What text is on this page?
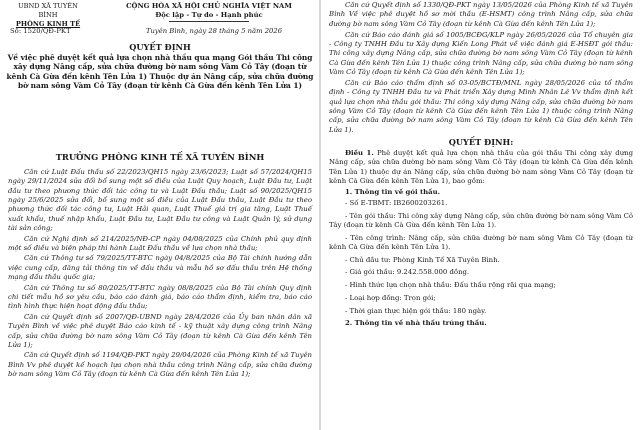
UBND XÃ TUYÊN BÌNH
PHÒNG KINH TẾ
CỘNG HÒA XÃ HỘI CHỦ NGHĨA VIỆT NAM
Độc lập - Tự do - Hạnh phúc
Số: 1520/QĐ-PKT	Tuyên Bình, ngày 28 tháng 5 năm 2026
QUYẾT ĐỊNH
Về việc phê duyệt kết quả lựa chọn nhà thầu qua mạng Gói thầu Thi công xây dựng Nâng cấp, sửa chữa đường bờ nam sông Vàm Cỏ Tây (đoạn từ kênh Cà Gừa đến kênh Tên Lửa 1) Thuộc dự án Nâng cấp, sửa chữa đường bờ nam sông Vàm Cỏ Tây (đoạn từ kênh Cà Gừa đến kênh Tên Lửa 1)
TRƯỞNG PHÒNG KINH TẾ XÃ TUYÊN BÌNH

Căn cứ Luật Đấu thầu số 22/2023/QH15 ngày 23/6/2023; Luật số 57/2024/QH15 ngày 29/11/2024 sửa đổi bổ sung một số điều của Luật Quy hoạch, Luật Đầu tư, Luật đầu tư theo phương thức đối tác công tư và Luật Đấu thầu; Luật số 90/2025/QH15 ngày 25/6/2025 sửa đổi, bổ sung một số điều của Luật Đấu thầu, Luật Đầu tư theo phương thức đối tác công tư, Luật Hải quan, Luật Thuế giá trị gia tăng, Luật Thuế xuất khẩu, thuế nhập khẩu, Luật Đầu tư, Luật Đầu tư công và Luật Quản lý, sử dụng tài sản công;

Căn cứ Nghị định số 214/2025/NĐ-CP ngày 04/08/2025 của Chính phủ quy định một số điều và biện pháp thi hành Luật Đấu thầu về lựa chọn nhà thầu;

Căn cứ Thông tư số 79/2025/TT-BTC ngày 04/8/2025 của Bộ Tài chính hướng dẫn việc cung cấp, đăng tải thông tin về đấu thầu và mẫu hồ sơ đấu thầu trên Hệ thống mạng đấu thầu quốc gia;

Căn cứ Thông tư số 80/2025/TT-BTC ngày 08/8/2025 của Bộ Tài chính Quy định chi tiết mẫu hồ sơ yêu cầu, báo cáo đánh giá, báo cáo thẩm định, kiểm tra, báo cáo tình hình thực hiện hoạt động đấu thầu;

Căn cứ Quyết định số 2007/QĐ-UBND ngày 28/4/2026 của Ủy ban nhân dân xã Tuyên Bình về việc phê duyệt Báo cáo kinh tế - kỹ thuật xây dựng công trình Nâng cấp, sửa chữa đường bờ nam sông Vàm Cỏ Tây (đoạn từ kênh Cà Gừa đến kênh Tên Lửa 1);

Căn cứ Quyết định số 1194/QĐ-PKT ngày 29/04/2026 của Phòng Kinh tế xã Tuyên Bình Vv phê duyệt kế hoạch lựa chọn nhà thầu công trình Nâng cấp, sửa chữa đường bờ nam sông Vàm Cỏ Tây (đoạn từ kênh Cà Gừa đến kênh Tên Lửa 1);

Căn cứ Quyết định số 1330/QĐ-PKT ngày 13/05/2026 của Phòng Kinh tế xã Tuyên Bình Về việc phê duyệt hồ sơ mời thầu (E-HSMT) công trình Nâng cấp, sửa chữa đường bờ nam sông Vàm Cỏ Tây (đoạn từ kênh Cà Gừa đến kênh Tên Lửa 1);

Căn cứ Báo cáo đánh giá số 1005/BCĐG/KLP ngày 26/05/2026 của Tổ chuyên gia - Công ty TNHH Đầu tư Xây dựng Kiến Long Phát về việc đánh giá E-HSĐT gói thầu: Thi công xây dựng Nâng cấp, sửa chữa đường bờ nam sông Vàm Cỏ Tây (đoạn từ kênh Cà Gừa đến kênh Tên Lửa 1) thuộc công trình Nâng cấp, sửa chữa đường bờ nam sông Vàm Cỏ Tây (đoạn từ kênh Cà Gừa đến kênh Tên Lửa 1);

Căn cứ Báo cáo thẩm định số 03-05/BCTĐ/MNL ngày 28/05/2026 của tổ thẩm định - Công ty TNHH Đầu tư và Phát triển Xây dựng Minh Nhân Lê Vv thẩm định kết quả lựa chọn nhà thầu gói thầu: Thi công xây dựng Nâng cấp, sửa chữa đường bờ nam sông Vàm Cỏ Tây (đoạn từ kênh Cà Gừa đến kênh Tên Lửa 1) thuộc công trình Nâng cấp, sửa chữa đường bờ nam sông Vàm Cỏ Tây (đoạn từ kênh Cà Gừa đến kênh Tên Lửa 1).

QUYẾT ĐỊNH:

Điều 1. Phê duyệt kết quả lựa chọn nhà thầu của gói thầu Thi công xây dựng Nâng cấp, sửa chữa đường bờ nam sông Vàm Cỏ Tây (đoạn từ kênh Cà Gừa đến kênh Tên Lửa 1) thuộc dự án Nâng cấp, sửa chữa đường bờ nam sông Vàm Cỏ Tây (đoạn từ kênh Cà Gừa đến kênh Tên Lửa 1), bao gồm:

1. Thông tin về gói thầu.

- Số E-TBMT: IB2600203261.

- Tên gói thầu: Thi công xây dựng Nâng cấp, sửa chữa đường bờ nam sông Vàm Cỏ Tây (đoạn từ kênh Cà Gừa đến kênh Tên Lửa 1).

- Tên công trình: Nâng cấp, sửa chữa đường bờ nam sông Vàm Cỏ Tây (đoạn từ kênh Cà Gừa đến kênh Tên Lửa 1).

- Chủ đầu tư: Phòng Kinh Tế Xã Tuyên Bình.

- Giá gói thầu: 9.242.558.000 đồng.

- Hình thức lựa chọn nhà thầu: Đấu thầu rộng rãi qua mạng;

- Loại hợp đồng: Trọn gói;

- Thời gian thực hiện gói thầu: 180 ngày.

2. Thông tin về nhà thầu trúng thầu.
